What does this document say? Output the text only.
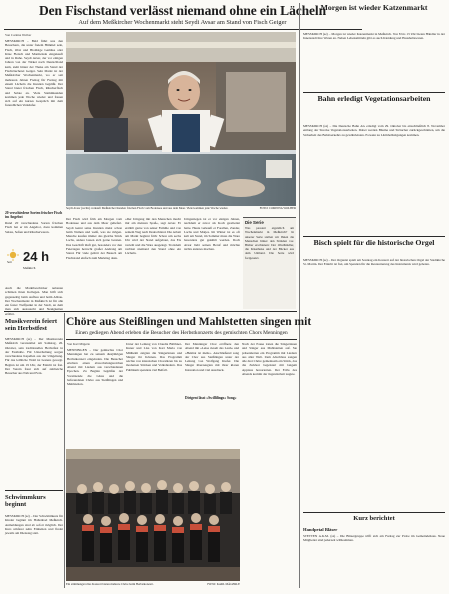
Den Fischstand verlässt niemand ohne ein Lächeln
Auf dem Meßkircher Wochenmarkt steht Seydi Avsar am Stand von Fisch Geiger
Von Corinna Wolber
MESSKIRCH – Bald führt uns den Besuchern, die unter freiem Himmel sein, Fisch, Obst und Bioläsige Gemüse oder Käse Fleisch und Marmelade eingekauft und in Ruhe. Seydi Avsar, der vor einigen Jahren von der Türkei nach Deutschland kam, steht hinter der Theke am Stand der Fischräucherei Geiger. Sein Markt ist der Meßkircher Wochenmarkt, wo er seit mehreren Jahren Freitag für Freitag mit einem Lächeln die Kunden begrüßt. Der Stand bietet frischen Fisch, Räucherfisch und Salate an. Viele Stammkunden kommen jede Woche wieder und freuen sich auf ein kurzes Gespräch mit dem freundlichen Verkäufer.
Seydi Avsar (rechts) verkauft Meßkircher Kunden frischen Fisch vom Bodensee und aus dem Meer. Viele kommen jede Woche wieder.	FOTO: CORINNA WOLBER
Der Fisch wird früh am Morgen vom Bodensee und aus dem Meer geliefert. Seydi kennt seine Kunden meist schon beim Namen und weiß, was sie mögen. Manche kaufen immer das gleiche Stück Lachs, andere lassen sich gerne beraten. Das Geschäft läuft gut, besonders vor den Feiertagen herrscht großer Andrang am Stand. Für viele gehört der Besuch am Fischstand einfach zum Markttag dazu.
»Der Umgang mit den Menschen macht mir am meisten Spaß«, sagt Avsar. Er erzählt gerne von seiner Familie und von seinem Weg nach Deutschland. Die Arbeit am Markt beginnt früh: Schon um sechs Uhr wird der Stand aufgebaut, das Eis verteilt und die Ware ausgelegt. Trotzdem verlässt niemand den Stand ohne ein Lächeln.
Umgestiegen ist er vor einigen Jahren, nachdem er zuvor als Koch gearbeitet hatte. Heute verkauft er Forellen, Zander, Lachs und Matjes. Im Winter ist es oft kalt am Stand, im Sommer muss die Ware besonders gut gekühlt werden. Doch Avsar liebt seinen Beruf und möchte nichts anderes machen.
20 verschiedene Sorten frischer Fisch im Angebot
Rund 20 verschiedene Sorten frischen Fisch hat er im Angebot, dazu kommen Salate, Soßen und Räucherwaren.
Seit 24 h
Meßkirch
Auch die Marktbeschicker nebenan schätzen ihren Kollegen. Man hilft sich gegenseitig beim Aufbau und beim Abbau. Der Wochenmarkt in Meßkirch ist für alle ein fester Treffpunkt in der Stadt, an dem man sich austauscht und Neuigkeiten erfährt.
Die Serie
Was passiert eigentlich am Wochenmarkt in Meßkirch? In unserer Serie stellen wir Ihnen die Menschen hinter den Ständen vor. Bisher erschienen: Der Obsthändler, die Käsetheke und der Bäcker aus dem Umland. Die Serie wird fortgesetzt.
Morgen ist wieder Katzenmarkt
MESSKIRCH (sz) – Morgen ist wieder Katzenmarkt in Meßkirch. Von 8 bis 13 Uhr bieten Händler in der Innenstadt ihre Waren an. Neben Lebensmitteln gibt es auch Kleidung und Haushaltswaren.
Bahn erledigt Vegetationsarbeiten
MESSKIRCH (sz) – Die Deutsche Bahn AG erledigt vom 29. Oktober bis einschließlich 8. November entlang der Strecke Vegetationsarbeiten. Dabei werden Bäume und Sträucher zurückgeschnitten, um die Sicherheit des Bahnverkehrs zu gewährleisten. Es kann zu Lärmbelästigungen kommen.
Bisch spielt für die historische Orgel
MESSKIRCH (sz) – Der Organist spielt am Sonntag ein Konzert auf der historischen Orgel der Stadtkirche St. Martin. Der Eintritt ist frei, um Spenden für die Restaurierung des Instruments wird gebeten.
Kurz berichtet
Handpetal Bläser
STETTEN A.K.M. (sz) – Die Bläsergruppe trifft sich am Freitag zur Probe im Gemeindehaus. Neue Mitglieder sind jederzeit willkommen.
Musikverein feiert sein Herbstfest
MESSKIRCH (sz) – Der Musikverein Meßkirch veranstaltet am Samstag, 26. Oktober, sein traditionelles Herbstfest in der Festhalle. Für Unterhaltung sorgen verschiedene Kapellen aus der Umgebung. Für das leibliche Wohl ist bestens gesorgt. Beginn ist um 19 Uhr, der Eintritt ist frei. Der Verein freut sich auf zahlreiche Besucher aus Nah und Fern.
Schwimmkurs beginnt
MESSKIRCH (sz) – Der Schwimmkurs für Kinder beginnt im Hallenbad Meßkirch. Anmeldungen sind ab sofort möglich. Der Kurs umfasst zehn Einheiten und findet jeweils am Dienstag statt.
Chöre aus Steißlingen und Mahlstetten singen mit
Einen gediegen Abend erleben die Besucher des Herbstkonzerts des gemischten Chors Menningen
Von Karl Mägerle
MENNINGEN – Der gemischte Chor Menningen hat zu seinem diesjährigen Herbstkonzert eingeladen. Die Besucher erlebten einen abwechslungsreichen Abend mit Liedern aus verschiedenen Epochen. Zu Beginn begrüßte der Vorsitzende die Gäste und die befreundeten Chöre aus Steißlingen und Mahlstetten.
Unter der Leitung von Claudia Blöthner-Kuner und Lisa von Kari Maria von Mülheim zeigten die Sängerinnen und Sänger ihr Können. Das Programm reichte von klassischen Chorsätzen bis zu modernen Stücken und Volksliedern. Das Publikum spendete viel Beifall.
Der Menninger Chor eröffnete den Abend mit »Leise rieselt das Laub« und »Heimat ist mehr«. Anschließend sang der Chor aus Steißlingen unter der Leitung von Wolfgang Kiefer. Die Sänger überzeugten mit ihrer klaren Intonation und viel Ausdruck.
Dirigent lässt »Swillilingo« Song«
Nach der Pause traten die Sängerinnen und Sänger aus Mahlstetten auf. Sie präsentierten ein Programm mit Liedern aus aller Welt. Zum Abschluss sangen alle drei Chöre gemeinsam ein Stück, das die Zuhörer begeistert mit langem Applaus honorierten. Der Erlös des Abends kommt der Jugendarbeit zugute.
Ein stimmungsvolles Konzert bieten mehrere Chöre beim Herbstkonzert.	FOTO: KARL MÄGERLE
